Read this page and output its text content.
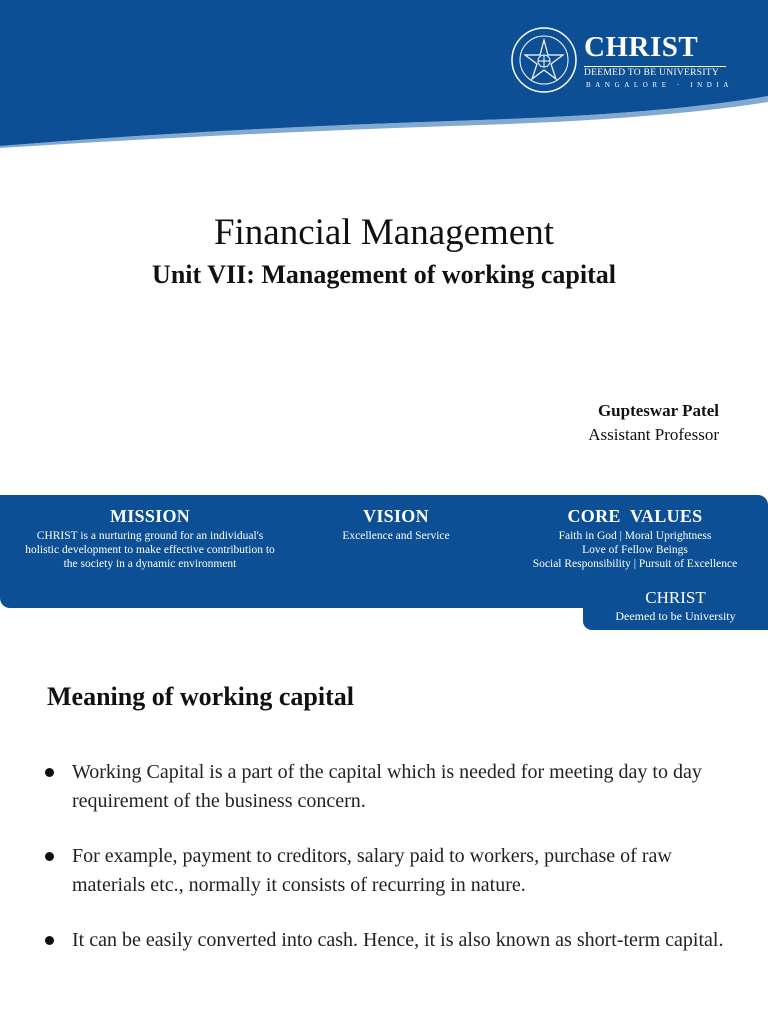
CHRIST
DEEMED TO BE UNIVERSITY
BANGALORE · INDIA
Financial Management
Unit VII: Management of working capital
Gupteswar Patel
Assistant Professor
MISSION

CHRIST is a nurturing ground for an individual's

holistic development to make effective contribution to

the society in a dynamic environment

VISION

Excellence and Service

CORE  VALUES

Faith in God | Moral Uprightness

Love of Fellow Beings

Social Responsibility | Pursuit of Excellence

CHRIST
Deemed to be University
Meaning of working capital
Working Capital is a part of the capital which is needed for meeting day to day requirement of the business concern.
For example, payment to creditors, salary paid to workers, purchase of raw materials etc., normally it consists of recurring in nature.
It can be easily converted into cash. Hence, it is also known as short-term capital.
